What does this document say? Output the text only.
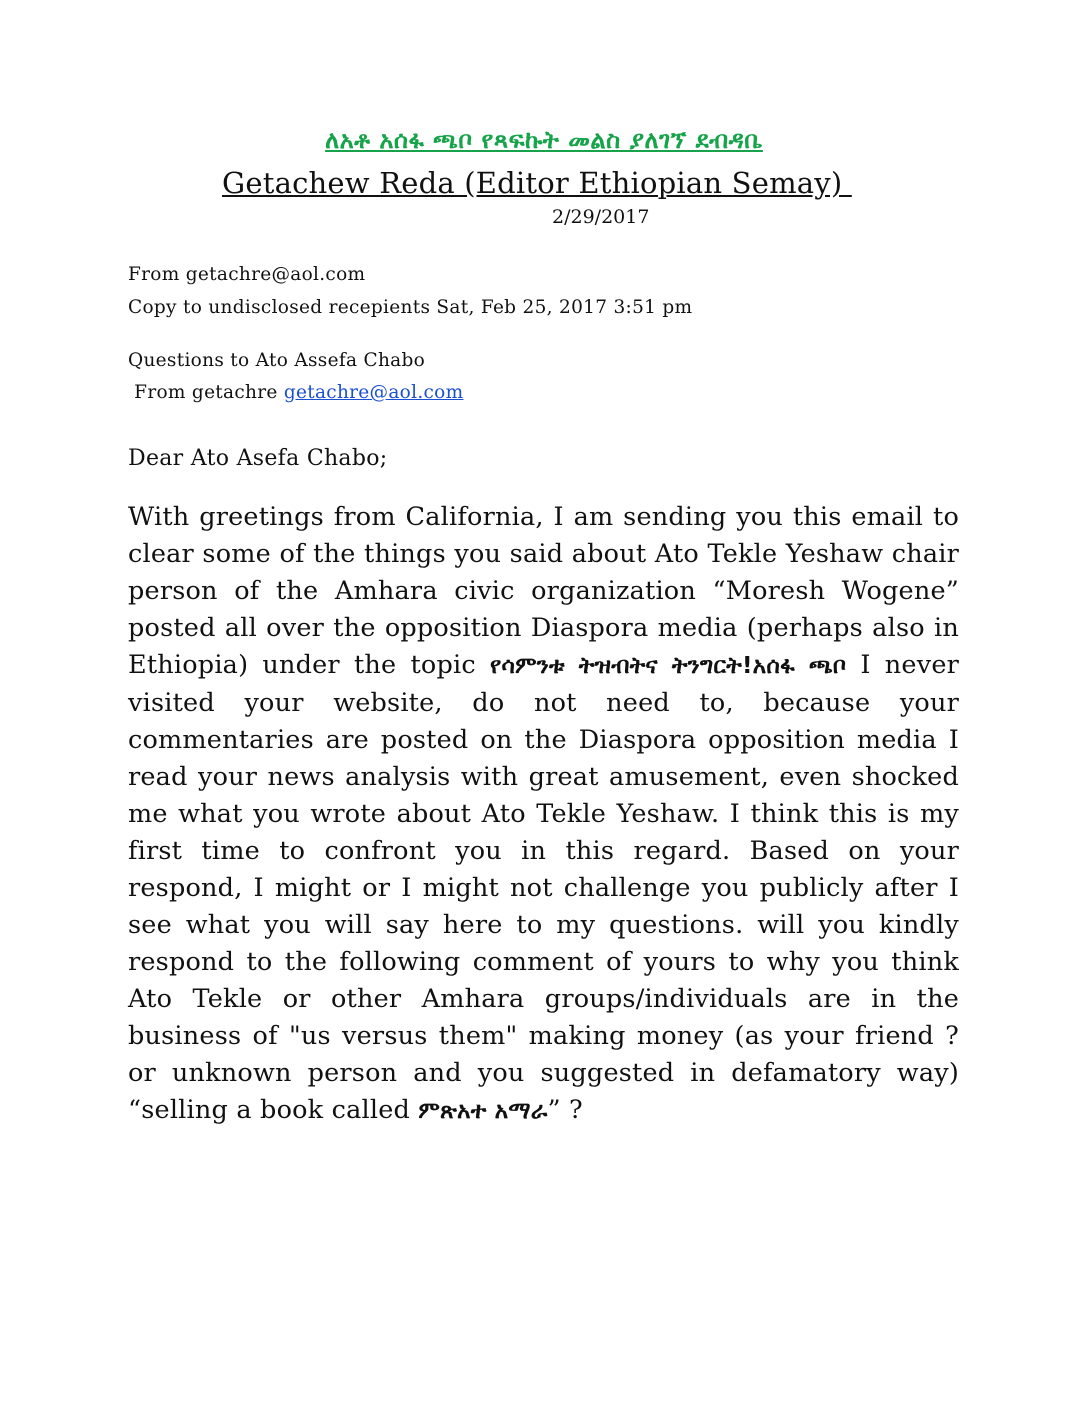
ለአቶ አሰፋ ጫቦ የጻፍኩት መልስ ያለገኘ ደብዳቤ
Getachew Reda (Editor Ethiopian Semay)
2/29/2017
From getachre@aol.com
Copy to undisclosed recepients Sat, Feb 25, 2017 3:51 pm
Questions to Ato Assefa Chabo
From getachre getachre@aol.com
Dear Ato Asefa Chabo;

With greetings from California, I am sending you this email to clear some of the things you said about Ato Tekle Yeshaw chair person of the Amhara civic organization “Moresh Wogene” posted all over the opposition Diaspora media (perhaps also in Ethiopia) under the topic የሳምንቱ ትዝብትና ትንግርት!አሰፋ ጫቦ I never visited your website, do not need to, because your commentaries are posted on the Diaspora opposition media I read your news analysis with great amusement, even shocked me what you wrote about Ato Tekle Yeshaw. I think this is my first time to confront you in this regard. Based on your respond, I might or I might not challenge you publicly after I see what you will say here to my questions. will you kindly respond to the following comment of yours to why you think Ato Tekle or other Amhara groups/individuals are in the business of "us versus them" making money (as your friend ? or unknown person and you suggested in defamatory way) “selling a book called ምጽአተ አማራ” ?
